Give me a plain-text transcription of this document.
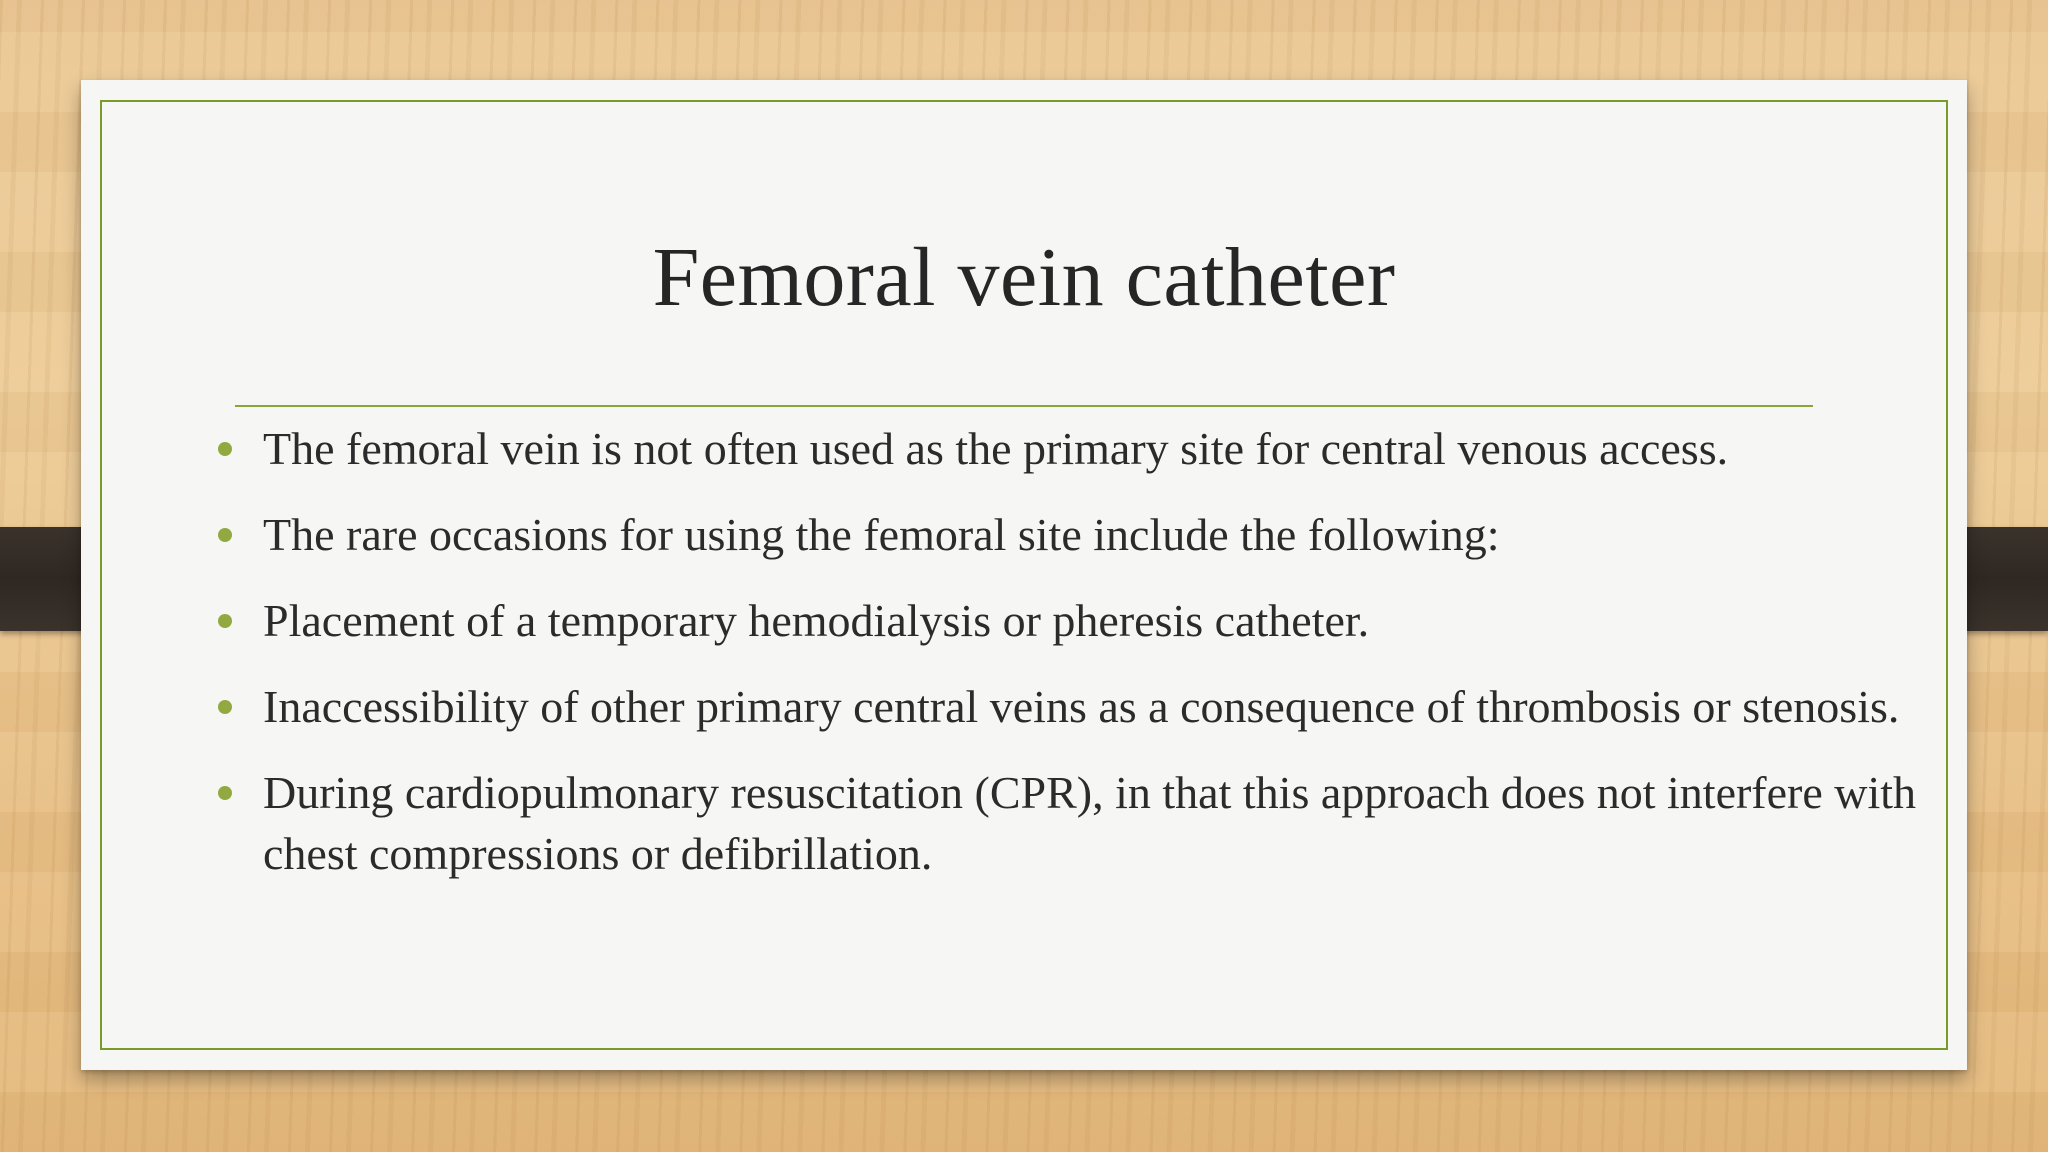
Femoral vein catheter
The femoral vein is not often used as the primary site for central venous access.
The rare occasions for using the femoral site include the following:
Placement of a temporary hemodialysis or pheresis catheter.
Inaccessibility of other primary central veins as a consequence of thrombosis or stenosis.
During cardiopulmonary resuscitation (CPR), in that this approach does not interfere with chest compressions or defibrillation.
